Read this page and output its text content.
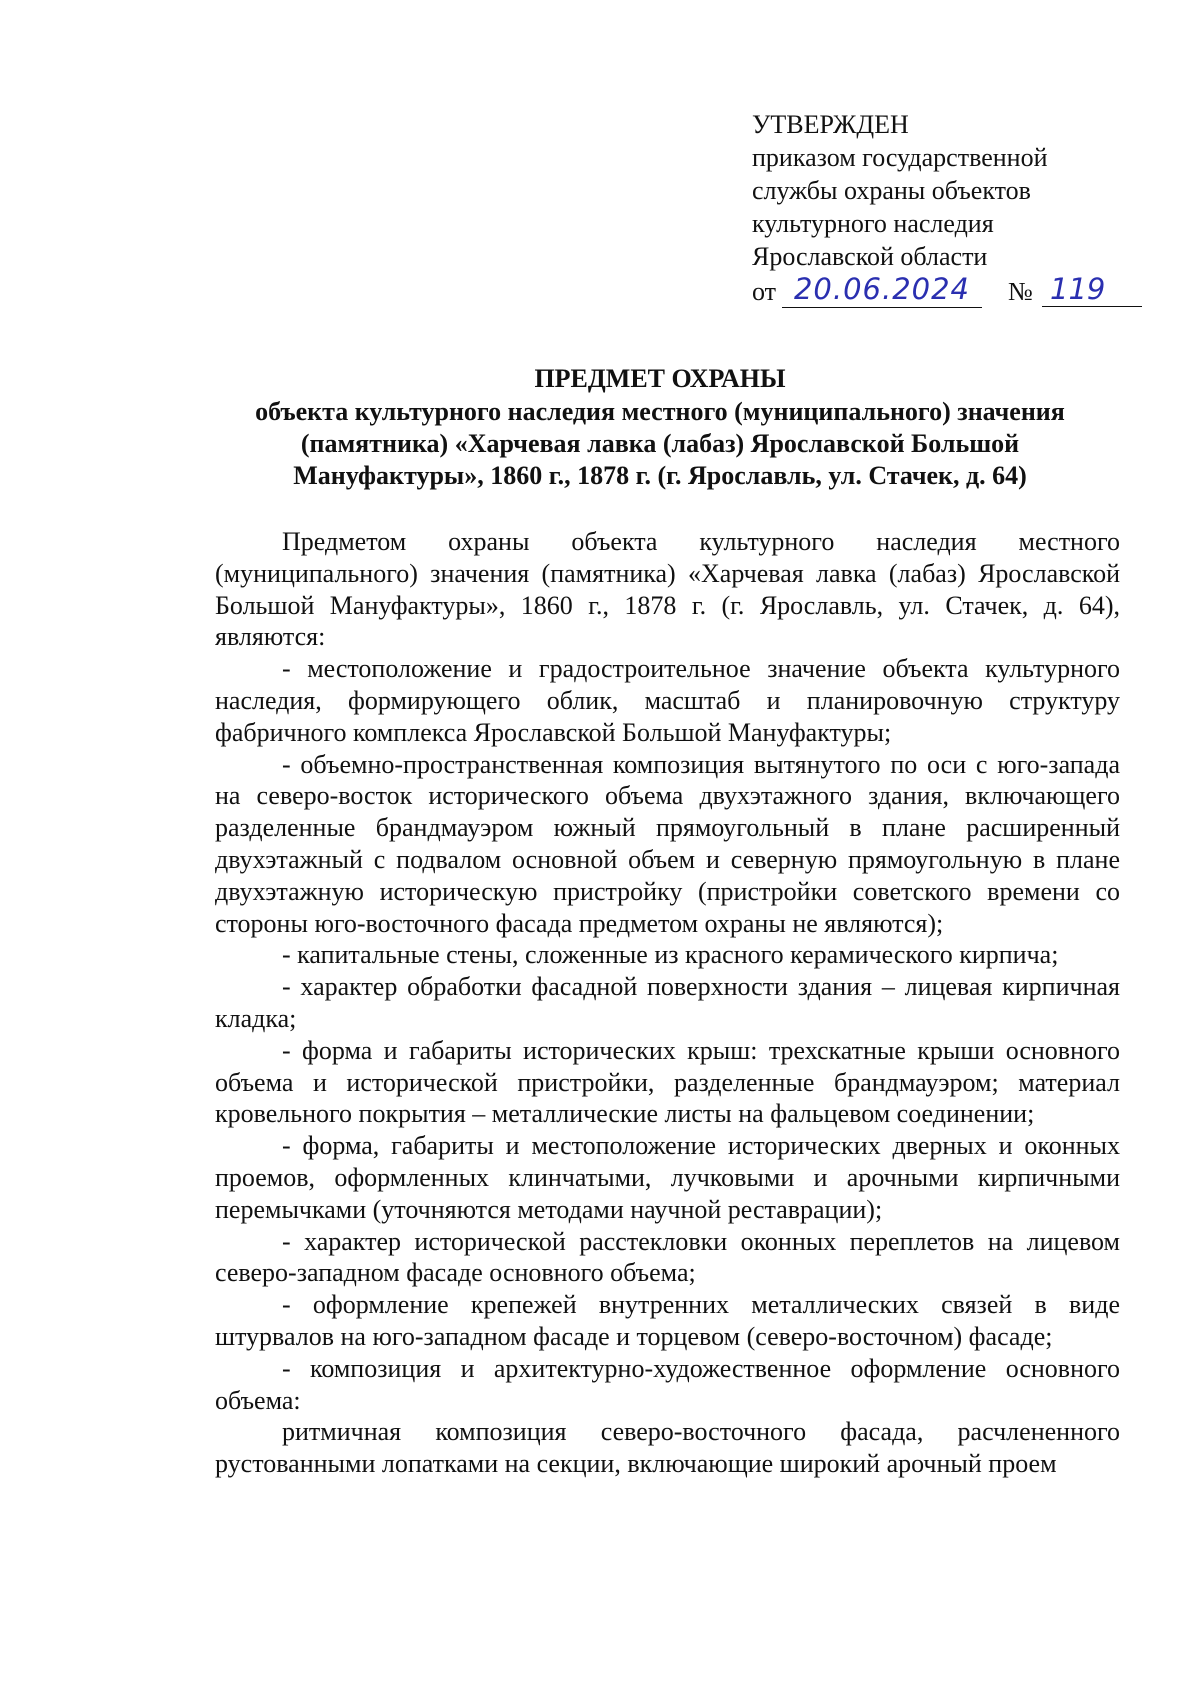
УТВЕРЖДЕН
приказом государственной
службы охраны объектов
культурного наследия
Ярославской области
от 20.06.2024	№ 119
ПРЕДМЕТ ОХРАНЫ
объекта культурного наследия местного (муниципального) значения
(памятника) «Харчевая лавка (лабаз) Ярославской Большой
Мануфактуры», 1860 г., 1878 г. (г. Ярославль, ул. Стачек, д. 64)

Предметом охраны объекта культурного наследия местного (муниципального) значения (памятника) «Харчевая лавка (лабаз) Ярославской Большой Мануфактуры», 1860 г., 1878 г. (г. Ярославль, ул. Стачек, д. 64), являются:

- местоположение и градостроительное значение объекта культурного наследия, формирующего облик, масштаб и планировочную структуру фабричного комплекса Ярославской Большой Мануфактуры;

- объемно-пространственная композиция вытянутого по оси с юго-запада на северо-восток исторического объема двухэтажного здания, включающего разделенные брандмауэром южный прямоугольный в плане расширенный двухэтажный с подвалом основной объем и северную прямоугольную в плане двухэтажную историческую пристройку (пристройки советского времени со стороны юго-восточного фасада предметом охраны не являются);

- капитальные стены, сложенные из красного керамического кирпича;

- характер обработки фасадной поверхности здания – лицевая кирпичная кладка;

- форма и габариты исторических крыш: трехскатные крыши основного объема и исторической пристройки, разделенные брандмауэром; материал кровельного покрытия – металлические листы на фальцевом соединении;

- форма, габариты и местоположение исторических дверных и оконных проемов, оформленных клинчатыми, лучковыми и арочными кирпичными перемычками (уточняются методами научной реставрации);

- характер исторической расстекловки оконных переплетов на лицевом северо-западном фасаде основного объема;

- оформление крепежей внутренних металлических связей в виде штурвалов на юго-западном фасаде и торцевом (северо-восточном) фасаде;

- композиция и архитектурно-художественное оформление основного объема:

ритмичная композиция северо-восточного фасада, расчлененного рустованными лопатками на секции, включающие широкий арочный проем
